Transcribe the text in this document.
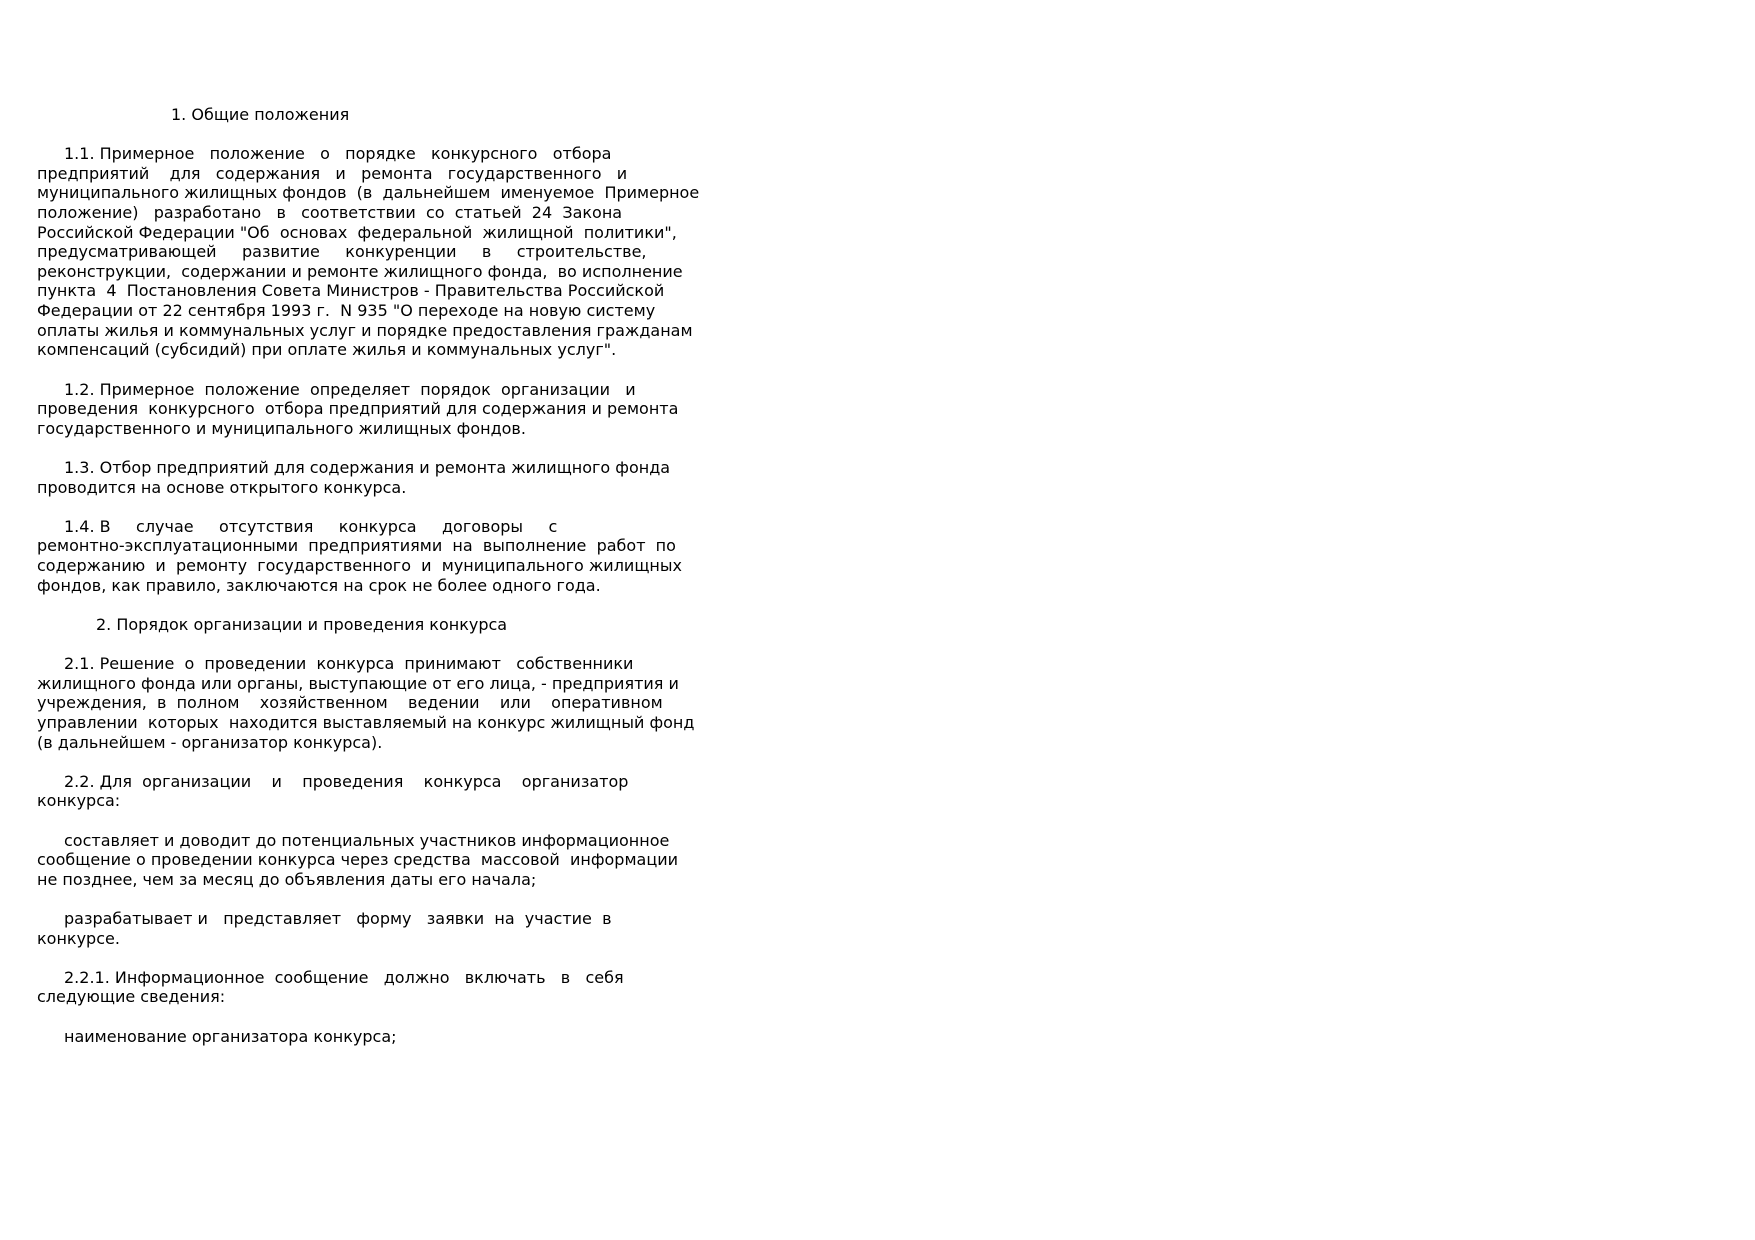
1. Общие положения
1.1. Примерное   положение   о   порядке   конкурсного   отбора
предприятий    для   содержания   и   ремонта   государственного   и
муниципального жилищных фондов  (в  дальнейшем  именуемое  Примерное
положение)   разработано   в   соответствии  со  статьей  24  Закона
Российской Федерации "Об  основах  федеральной  жилищной  политики",
предусматривающей     развитие     конкуренции     в     строительстве,
реконструкции,  содержании и ремонте жилищного фонда,  во исполнение
пункта  4  Постановления Совета Министров - Правительства Российской
Федерации от 22 сентября 1993 г.  N 935 "О переходе на новую систему
оплаты жилья и коммунальных услуг и порядке предоставления гражданам
компенсаций (субсидий) при оплате жилья и коммунальных услуг".
1.2. Примерное  положение  определяет  порядок  организации   и
проведения  конкурсного  отбора предприятий для содержания и ремонта
государственного и муниципального жилищных фондов.
1.3. Отбор предприятий для содержания и ремонта жилищного фонда
проводится на основе открытого конкурса.
1.4. В     случае     отсутствия     конкурса     договоры     с
ремонтно-эксплуатационными  предприятиями  на  выполнение  работ  по
содержанию  и  ремонту  государственного  и  муниципального жилищных
фондов, как правило, заключаются на срок не более одного года.
2. Порядок организации и проведения конкурса
2.1. Решение  о  проведении  конкурса  принимают   собственники
жилищного фонда или органы, выступающие от его лица, - предприятия и
учреждения,  в  полном    хозяйственном    ведении    или    оперативном
управлении  которых  находится выставляемый на конкурс жилищный фонд
(в дальнейшем - организатор конкурса).
2.2. Для  организации    и    проведения    конкурса    организатор
конкурса:
составляет и доводит до потенциальных участников информационное
сообщение о проведении конкурса через средства  массовой  информации
не позднее, чем за месяц до объявления даты его начала;
разрабатывает и   представляет   форму   заявки  на  участие  в
конкурсе.
2.2.1. Информационное  сообщение   должно   включать   в   себя
следующие сведения:
наименование организатора конкурса;
